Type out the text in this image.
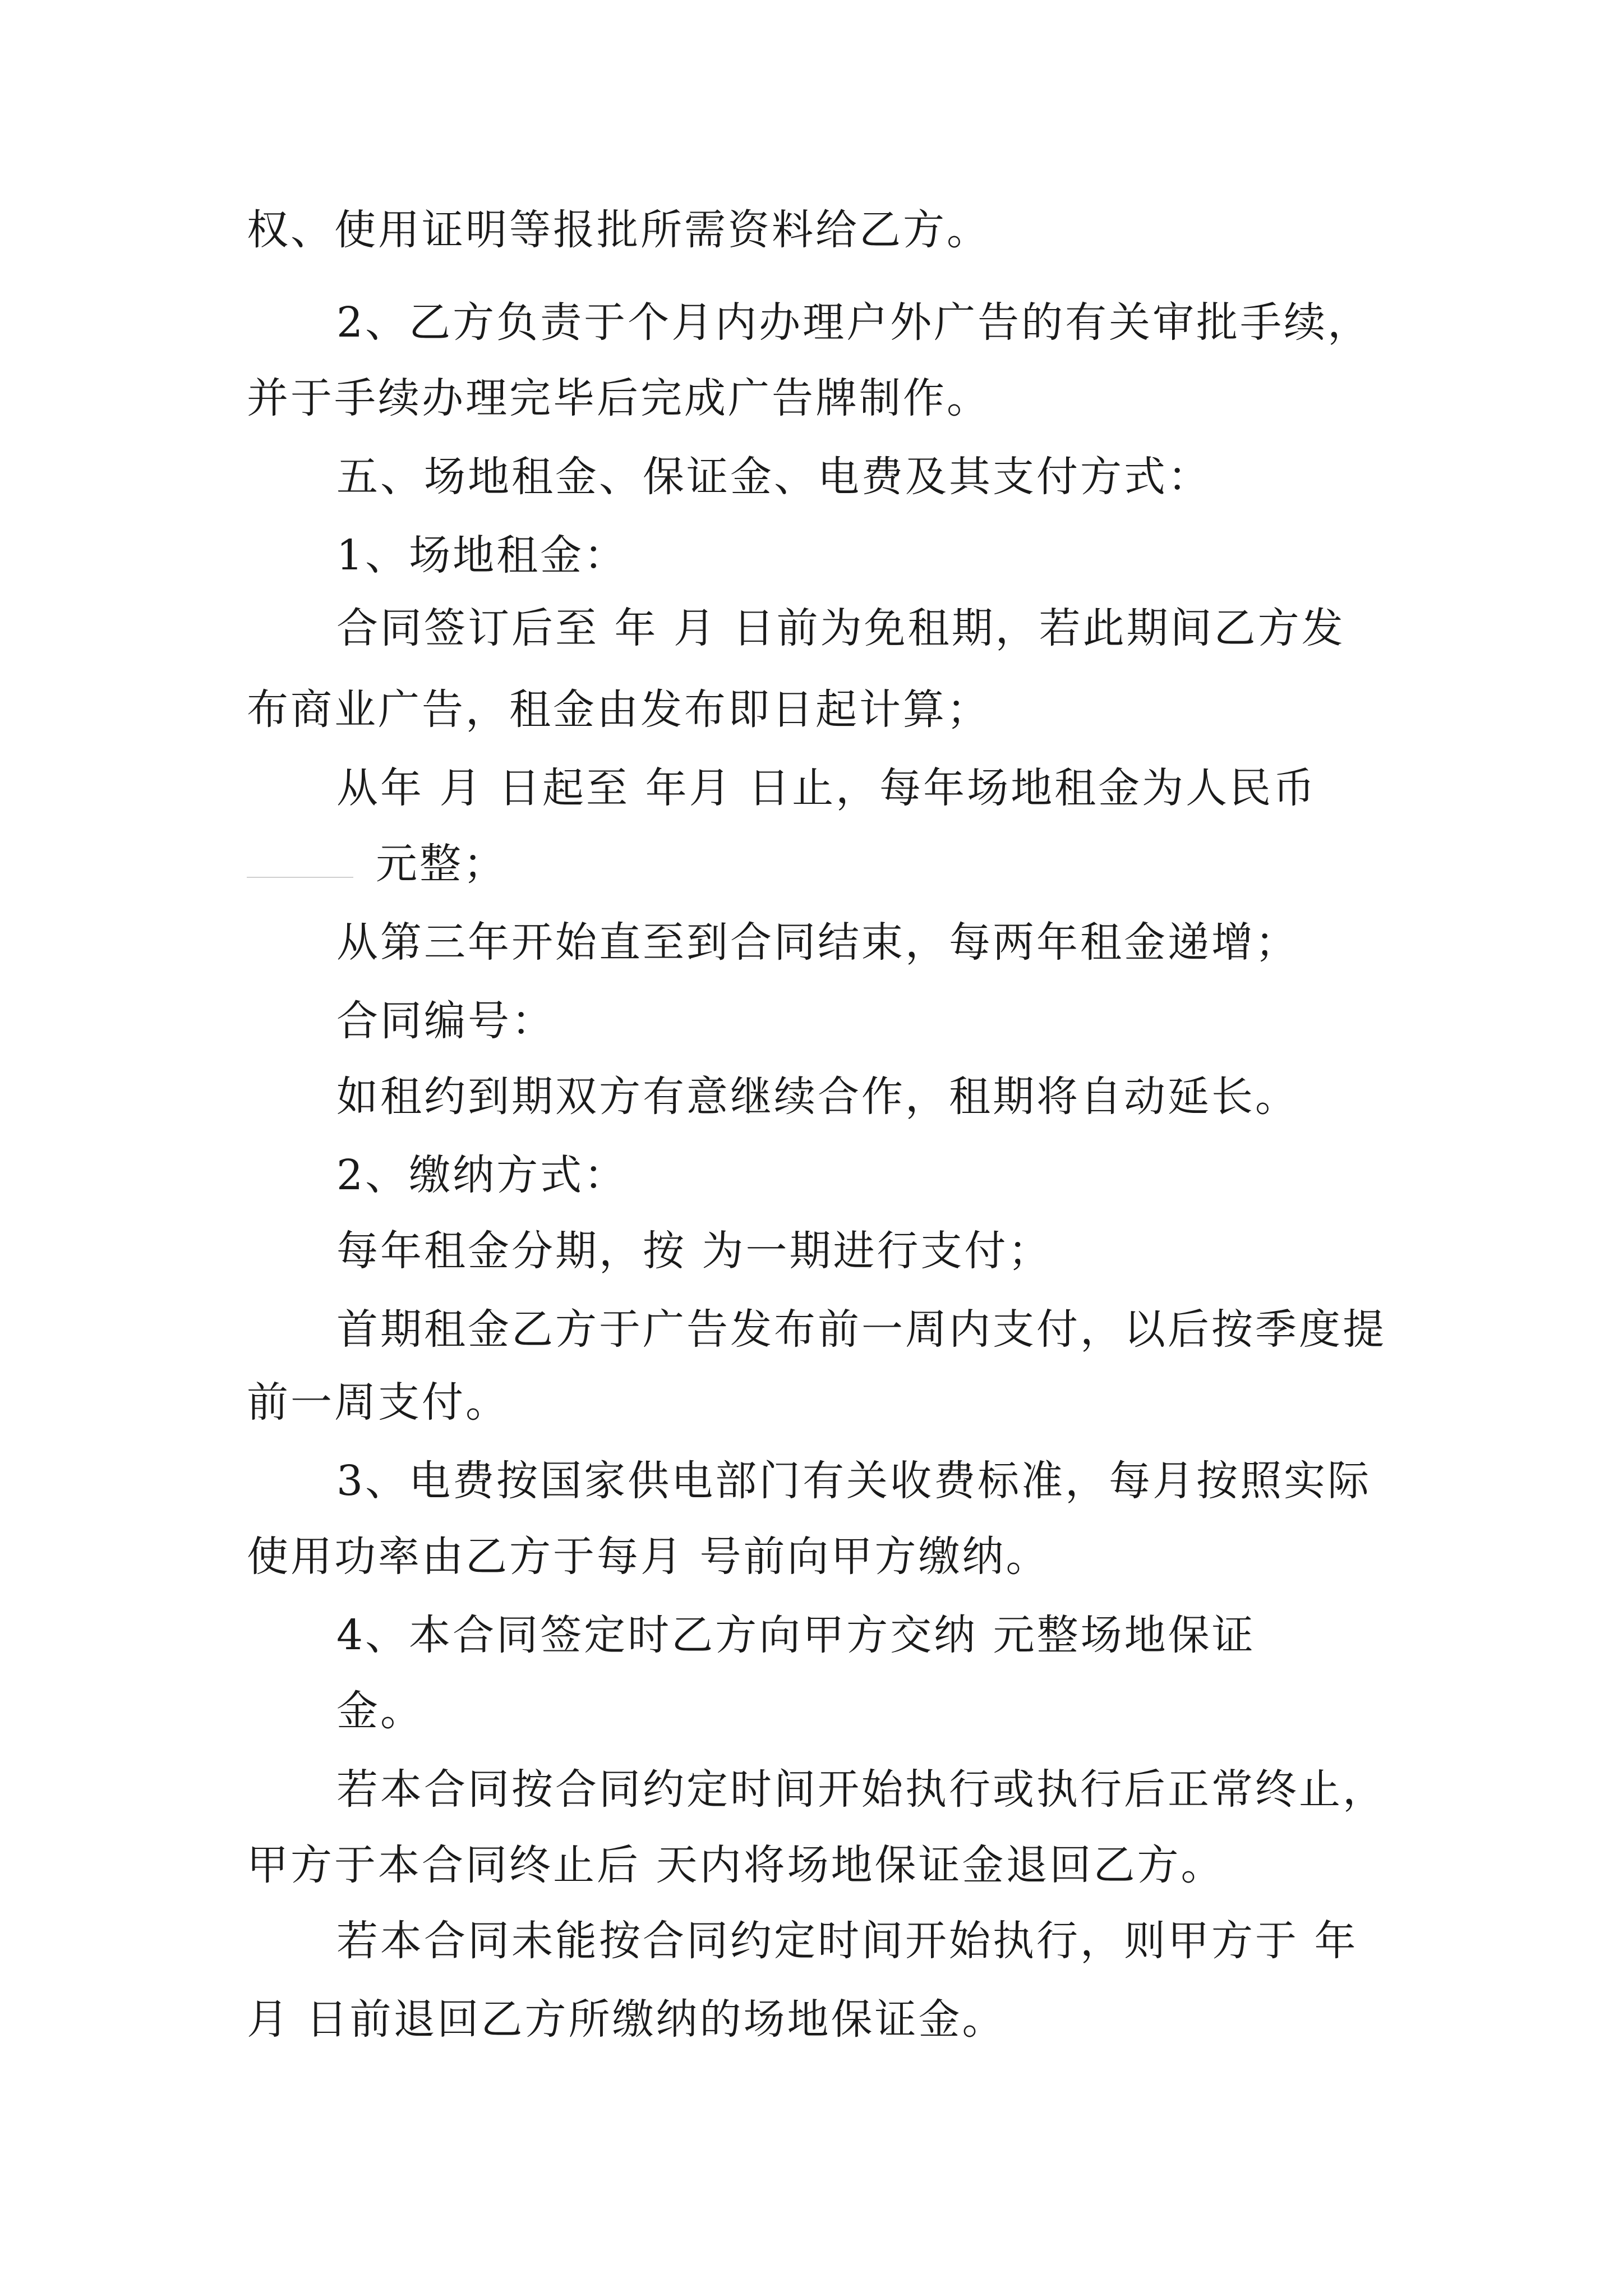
权、使用证明等报批所需资料给乙方。
2、乙方负责于个月内办理户外广告的有关审批手续，
并于手续办理完毕后完成广告牌制作。
五、场地租金、保证金、电费及其支付方式：
1、场地租金：
合同签订后至 年 月 日前为免租期，若此期间乙方发
布商业广告，租金由发布即日起计算；
从年 月 日起至 年月 日止，每年场地租金为人民币
元整；
从第三年开始直至到合同结束，每两年租金递增；
合同编号：
如租约到期双方有意继续合作，租期将自动延长。
2、缴纳方式：
每年租金分期，按 为一期进行支付；
首期租金乙方于广告发布前一周内支付，以后按季度提
前一周支付。
3、电费按国家供电部门有关收费标准，每月按照实际
使用功率由乙方于每月 号前向甲方缴纳。
4、本合同签定时乙方向甲方交纳 元整场地保证
金。
若本合同按合同约定时间开始执行或执行后正常终止，
甲方于本合同终止后 天内将场地保证金退回乙方。
若本合同未能按合同约定时间开始执行，则甲方于 年
月 日前退回乙方所缴纳的场地保证金。
